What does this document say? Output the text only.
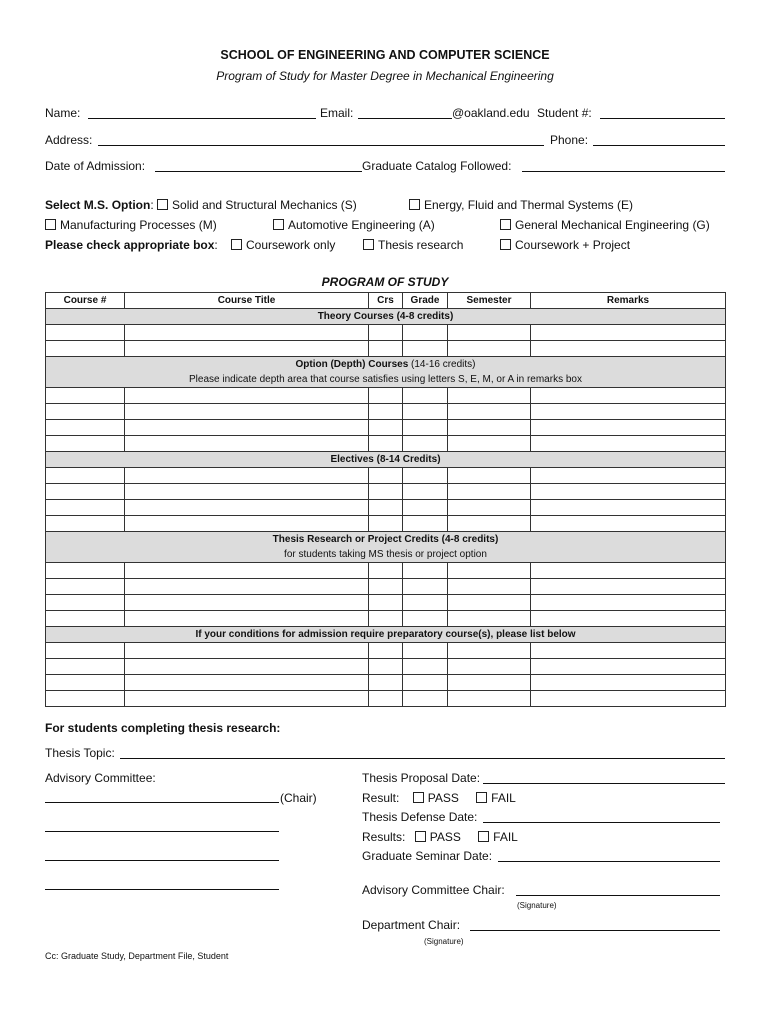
SCHOOL OF ENGINEERING AND COMPUTER SCIENCE
Program of Study for Master Degree in Mechanical Engineering
Name:	Email:	@oakland.edu Student #:
Address:	Phone:
Date of Admission:	Graduate Catalog Followed:
Select M.S. Option: Solid and Structural Mechanics (S)	Energy, Fluid and Thermal Systems (E)
Manufacturing Processes (M)	Automotive Engineering (A)	General Mechanical Engineering (G)
Please check appropriate box:	Coursework only	Thesis research	Coursework + Project
PROGRAM OF STUDY
Course #	Course Title	Crs	Grade	Semester	Remarks
Theory Courses (4-8 credits)					

Option (Depth) Courses (14-16 credits)
Please indicate depth area that course satisfies using letters S, E, M, or A in remarks box					

Electives (8-14 Credits)					

Thesis Research or Project Credits (4-8 credits)
for students taking MS thesis or project option					

If your conditions for admission require preparatory course(s), please list below					

For students completing thesis research:
Thesis Topic:
Advisory Committee:
(Chair)
Thesis Proposal Date:
Result: PASS	FAIL
Thesis Defense Date:
Results: PASS	FAIL
Graduate Seminar Date:
Advisory Committee Chair:
(Signature)
Department Chair:
(Signature)
Cc: Graduate Study, Department File, Student
